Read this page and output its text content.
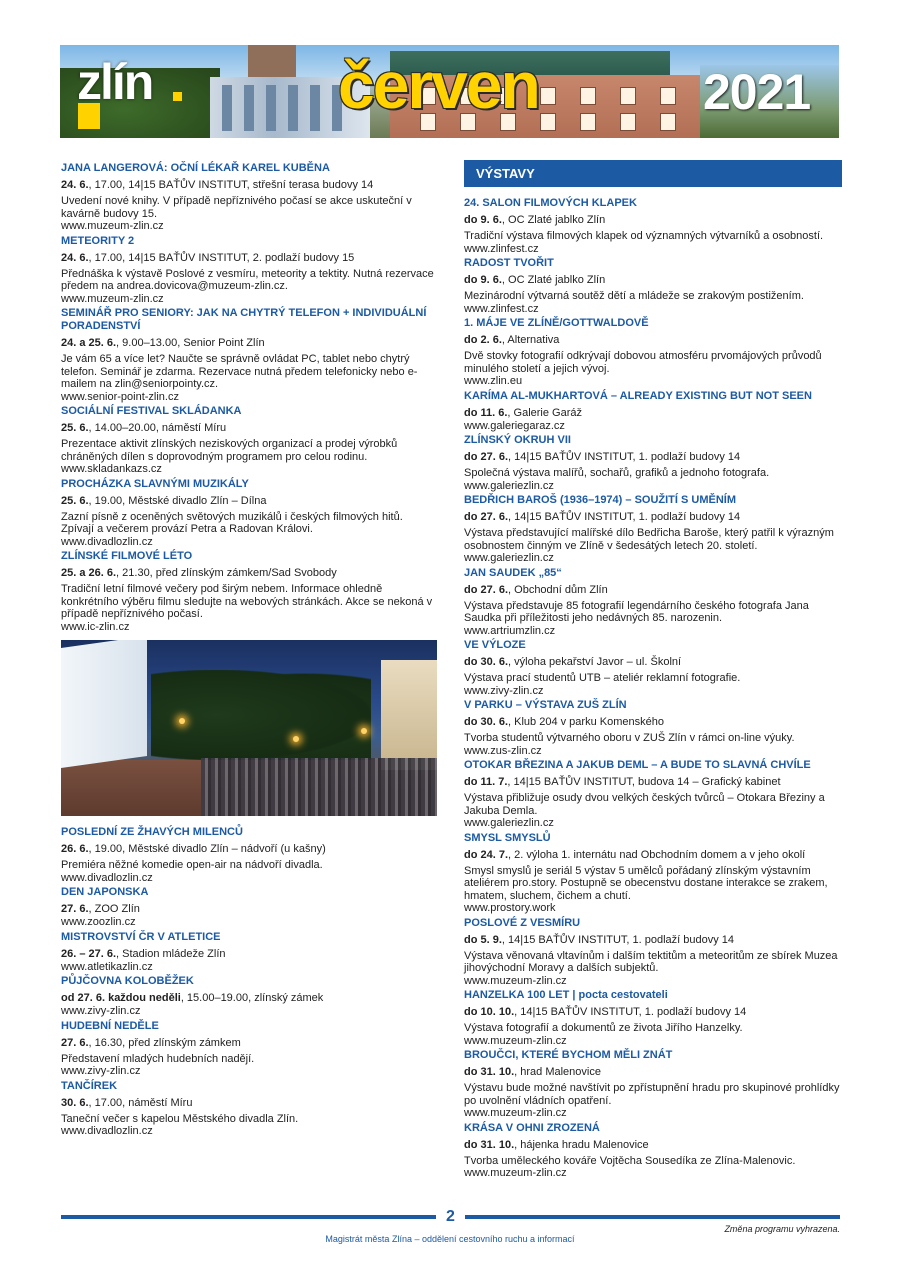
zlín	červen	2021
JANA LANGEROVÁ: OČNÍ LÉKAŘ KAREL KUBĚNA
24. 6., 17.00, 14|15 BAŤŮV INSTITUT, střešní terasa budovy 14
Uvedení nové knihy. V případě nepříznivého počasí se akce uskuteční v kavárně budovy 15.
www.muzeum-zlin.cz
METEORITY 2
24. 6., 17.00, 14|15 BAŤŮV INSTITUT, 2. podlaží budovy 15
Přednáška k výstavě Poslové z vesmíru, meteority a tektity. Nutná rezervace předem na andrea.dovicova@muzeum-zlin.cz.
www.muzeum-zlin.cz
SEMINÁŘ PRO SENIORY: JAK NA CHYTRÝ TELEFON + INDIVIDUÁLNÍ PORADENSTVÍ
24. a 25. 6., 9.00–13.00, Senior Point Zlín
Je vám 65 a více let? Naučte se správně ovládat PC, tablet nebo chytrý telefon. Seminář je zdarma. Rezervace nutná předem telefonicky nebo e-mailem na zlin@seniorpointy.cz.
www.senior-point-zlin.cz
SOCIÁLNÍ FESTIVAL SKLÁDANKA
25. 6., 14.00–20.00, náměstí Míru
Prezentace aktivit zlínských neziskových organizací a prodej výrobků chráněných dílen s doprovodným programem pro celou rodinu.
www.skladankazs.cz
PROCHÁZKA SLAVNÝMI MUZIKÁLY
25. 6., 19.00, Městské divadlo Zlín – Dílna
Zazní písně z oceněných světových muzikálů i českých filmových hitů. Zpívají a večerem provází Petra a Radovan Královi.
www.divadlozlin.cz
ZLÍNSKÉ FILMOVÉ LÉTO
25. a 26. 6., 21.30, před zlínským zámkem/Sad Svobody
Tradiční letní filmové večery pod širým nebem. Informace ohledně konkrétního výběru filmu sledujte na webových stránkách. Akce se nekoná v případě nepříznivého počasí.
www.ic-zlin.cz
POSLEDNÍ ZE ŽHAVÝCH MILENCŮ
26. 6., 19.00, Městské divadlo Zlín – nádvoří (u kašny)
Premiéra něžné komedie open-air na nádvoří divadla.
www.divadlozlin.cz
DEN JAPONSKA
27. 6., ZOO Zlín
www.zoozlin.cz
MISTROVSTVÍ ČR V ATLETICE
26. – 27. 6., Stadion mládeže Zlín
www.atletikazlin.cz
PŮJČOVNA KOLOBĚŽEK
od 27. 6. každou neděli, 15.00–19.00, zlínský zámek
www.zivy-zlin.cz
HUDEBNÍ NEDĚLE
27. 6., 16.30, před zlínským zámkem
Představení mladých hudebních nadějí.
www.zivy-zlin.cz
TANČÍREK
30. 6., 17.00, náměstí Míru
Taneční večer s kapelou Městského divadla Zlín.
www.divadlozlin.cz
VÝSTAVY
24. SALON FILMOVÝCH KLAPEK
do 9. 6., OC Zlaté jablko Zlín
Tradiční výstava filmových klapek od významných výtvarníků a osobností.
www.zlinfest.cz
RADOST TVOŘIT
do 9. 6., OC Zlaté jablko Zlín
Mezinárodní výtvarná soutěž dětí a mládeže se zrakovým postižením.
www.zlinfest.cz
1. MÁJE VE ZLÍNĚ/GOTTWALDOVĚ
do 2. 6., Alternativa
Dvě stovky fotografií odkrývají dobovou atmosféru prvomájových průvodů minulého století a jejich vývoj.
www.zlin.eu
KARÍMA AL-MUKHARTOVÁ – ALREADY EXISTING BUT NOT SEEN
do 11. 6., Galerie Garáž
www.galeriegaraz.cz
ZLÍNSKÝ OKRUH VII
do 27. 6., 14|15 BAŤŮV INSTITUT, 1. podlaží budovy 14
Společná výstava malířů, sochařů, grafiků a jednoho fotografa.
www.galeriezlin.cz
BEDŘICH BAROŠ (1936–1974) – SOUŽITÍ S UMĚNÍM
do 27. 6., 14|15 BAŤŮV INSTITUT, 1. podlaží budovy 14
Výstava představující malířské dílo Bedřicha Baroše, který patřil k výrazným osobnostem činným ve Zlíně v šedesátých letech 20. století.
www.galeriezlin.cz
JAN SAUDEK „85“
do 27. 6., Obchodní dům Zlín
Výstava představuje 85 fotografií legendárního českého fotografa Jana Saudka při příležitosti jeho nedávných 85. narozenin.
www.artriumzlin.cz
VE VÝLOZE
do 30. 6., výloha pekařství Javor – ul. Školní
Výstava prací studentů UTB – ateliér reklamní fotografie.
www.zivy-zlin.cz
V PARKU – VÝSTAVA ZUŠ ZLÍN
do 30. 6., Klub 204 v parku Komenského
Tvorba studentů výtvarného oboru v ZUŠ Zlín v rámci on-line výuky.
www.zus-zlin.cz
OTOKAR BŘEZINA A JAKUB DEML – A BUDE TO SLAVNÁ CHVÍLE
do 11. 7., 14|15 BAŤŮV INSTITUT, budova 14 – Grafický kabinet
Výstava přibližuje osudy dvou velkých českých tvůrců – Otokara Březiny a Jakuba Demla.
www.galeriezlin.cz
SMYSL SMYSLŮ
do 24. 7., 2. výloha 1. internátu nad Obchodním domem a v jeho okolí
Smysl smyslů je seriál 5 výstav 5 umělců pořádaný zlínským výstavním ateliérem pro.story. Postupně se obecenstvu dostane interakce se zrakem, hmatem, sluchem, čichem a chutí.
www.prostory.work
POSLOVÉ Z VESMÍRU
do 5. 9., 14|15 BAŤŮV INSTITUT, 1. podlaží budovy 14
Výstava věnovaná vltavínům i dalším tektitům a meteoritům ze sbírek Muzea jihovýchodní Moravy a dalších subjektů.
www.muzeum-zlin.cz
HANZELKA 100 LET | pocta cestovateli
do 10. 10., 14|15 BAŤŮV INSTITUT, 1. podlaží budovy 14
Výstava fotografií a dokumentů ze života Jiřího Hanzelky.
www.muzeum-zlin.cz
BROUČCI, KTERÉ BYCHOM MĚLI ZNÁT
do 31. 10., hrad Malenovice
Výstavu bude možné navštívit po zpřístupnění hradu pro skupinové prohlídky po uvolnění vládních opatření.
www.muzeum-zlin.cz
KRÁSA V OHNI ZROZENÁ
do 31. 10., hájenka hradu Malenovice
Tvorba uměleckého kováře Vojtěcha Sousedíka ze Zlína-Malenovic.
www.muzeum-zlin.cz
2
Změna programu vyhrazena.
Magistrát města Zlína – oddělení cestovního ruchu a informací
